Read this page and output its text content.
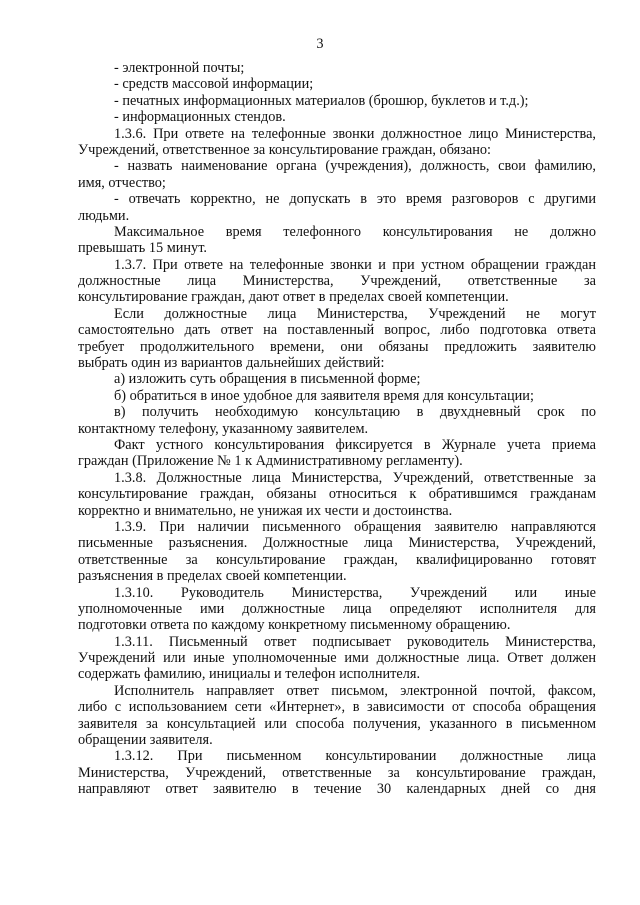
3
- электронной почты;
- средств массовой информации;
- печатных информационных материалов (брошюр, буклетов и т.д.);
- информационных стендов.
1.3.6. При ответе на телефонные звонки должностное лицо Министерства,
Учреждений, ответственное за консультирование граждан, обязано:
- назвать наименование органа (учреждения), должность, свои фамилию,
имя, отчество;
- отвечать корректно, не допускать в это время разговоров с другими
людьми.
Максимальное время телефонного консультирования не должно
превышать 15 минут.
1.3.7. При ответе на телефонные звонки и при устном обращении граждан
должностные лица Министерства, Учреждений, ответственные за
консультирование граждан, дают ответ в пределах своей компетенции.
Если должностные лица Министерства, Учреждений не могут
самостоятельно дать ответ на поставленный вопрос, либо подготовка ответа
требует продолжительного времени, они обязаны предложить заявителю
выбрать один из вариантов дальнейших действий:
а) изложить суть обращения в письменной форме;
б) обратиться в иное удобное для заявителя время для консультации;
в) получить необходимую консультацию в двухдневный срок по
контактному телефону, указанному заявителем.
Факт устного консультирования фиксируется в Журнале учета приема
граждан (Приложение № 1 к Административному регламенту).
1.3.8. Должностные лица Министерства, Учреждений, ответственные за
консультирование граждан, обязаны относиться к обратившимся гражданам
корректно и внимательно, не унижая их чести и достоинства.
1.3.9. При наличии письменного обращения заявителю направляются
письменные разъяснения. Должностные лица Министерства, Учреждений,
ответственные за консультирование граждан, квалифицированно готовят
разъяснения в пределах своей компетенции.
1.3.10. Руководитель Министерства, Учреждений или иные
уполномоченные ими должностные лица определяют исполнителя для
подготовки ответа по каждому конкретному письменному обращению.
1.3.11. Письменный ответ подписывает руководитель Министерства,
Учреждений или иные уполномоченные ими должностные лица. Ответ должен
содержать фамилию, инициалы и телефон исполнителя.
Исполнитель направляет ответ письмом, электронной почтой, факсом,
либо с использованием сети «Интернет», в зависимости от способа обращения
заявителя за консультацией или способа получения, указанного в письменном
обращении заявителя.
1.3.12. При письменном консультировании должностные лица
Министерства, Учреждений, ответственные за консультирование граждан,
направляют ответ заявителю в течение 30 календарных дней со дня
